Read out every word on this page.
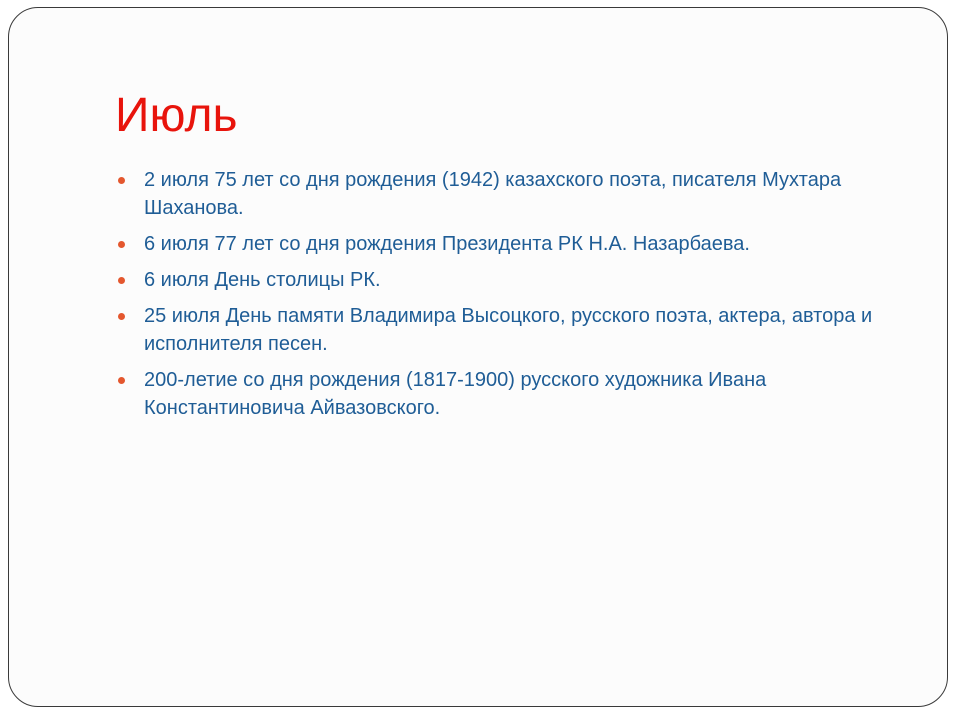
Июль
2 июля 75 лет со дня рождения (1942) казахского поэта, писателя Мухтара Шаханова.
6 июля 77 лет со дня рождения Президента РК Н.А. Назарбаева.
6 июля День столицы РК.
25 июля День памяти Владимира Высоцкого, русского поэта, актера, автора и исполнителя песен.
200-летие со дня рождения (1817-1900) русского художника Ивана Константиновича Айвазовского.
